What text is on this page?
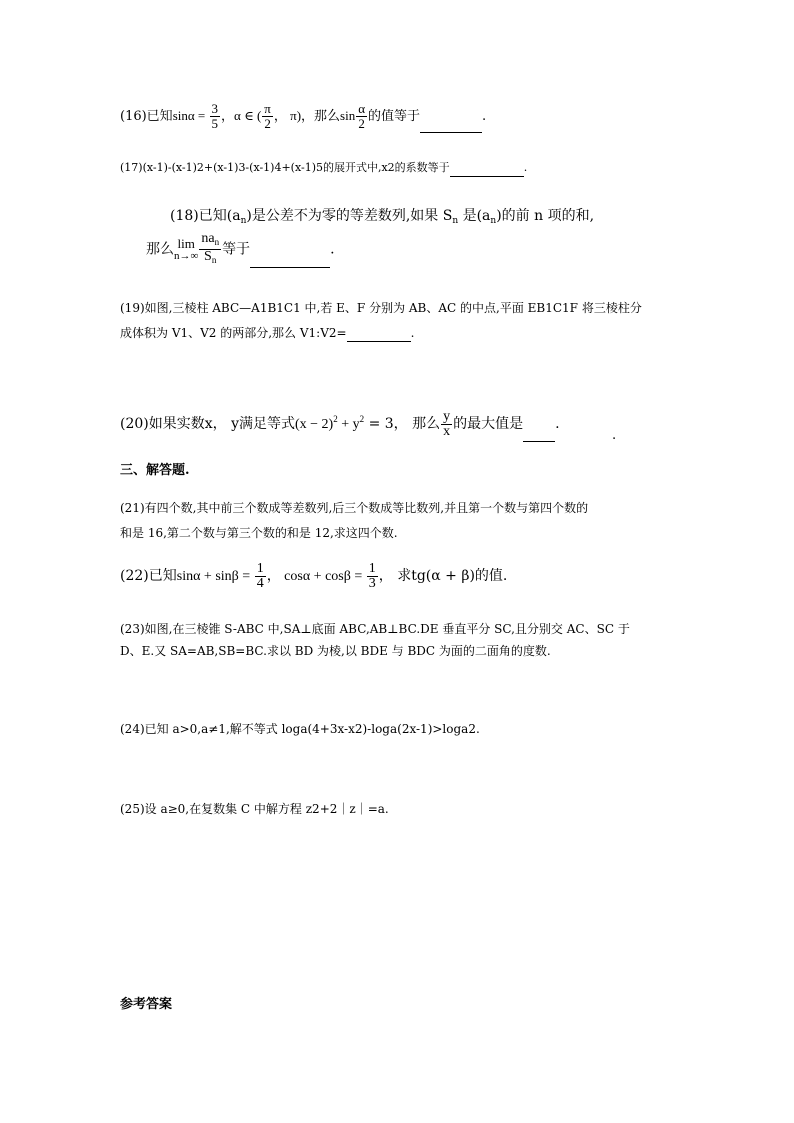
(16)已知$\sin\alpha = \frac{3}{5}$ ，α ∈ ( $\frac{\pi}{2}$ ， π)，那么$\sin \frac{\alpha}{2}$ 的值等于	.
(17)(x-1)-(x-1)2+(x-1)3-(x-1)4+(x-1)5的展开式中,x2的系数等于	.
(18)已知$(a_n)$是公差不为零的等差数列,如果 $S_n$ 是$(a_n)$的前 n 项的和,
那么 lim
$n\to\infty \frac{na_n}{S_n}$ 等于	.
(19)如图,三棱柱 ABC—A1B1C1 中,若 E、F 分别为 AB、AC 的中点,平面 EB1C1F 将三棱柱分
成体积为 V1、V2 的两部分,那么 V1:V2=	.
(20)如果实数x， y满足等式$(x - 2)^2 + y^2 = 3$， 那么 $\frac{y}{x}$ 的最大值是 .
.
三、解答题.
(21)有四个数,其中前三个数成等差数列,后三个数成等比数列,并且第一个数与第四个数的
和是 16,第二个数与第三个数的和是 12,求这四个数.
(22)已知$\sin\alpha + \sin\beta = \frac{1}{4}$ ， $\cos\alpha + \cos\beta = \frac{1}{3}$ ， 求tg(α + β)的值.
(23)如图,在三棱锥 S-ABC 中,SA⊥底面 ABC,AB⊥BC.DE 垂直平分 SC,且分别交 AC、SC 于
D、E.又 SA=AB,SB=BC.求以 BD 为棱,以 BDE 与 BDC 为面的二面角的度数.
(24)已知 a>0,a≠1,解不等式 loga(4+3x-x2)-loga(2x-1)>loga2.
(25)设 a≥0,在复数集 C 中解方程 z2+2｜z｜=a.
参考答案
